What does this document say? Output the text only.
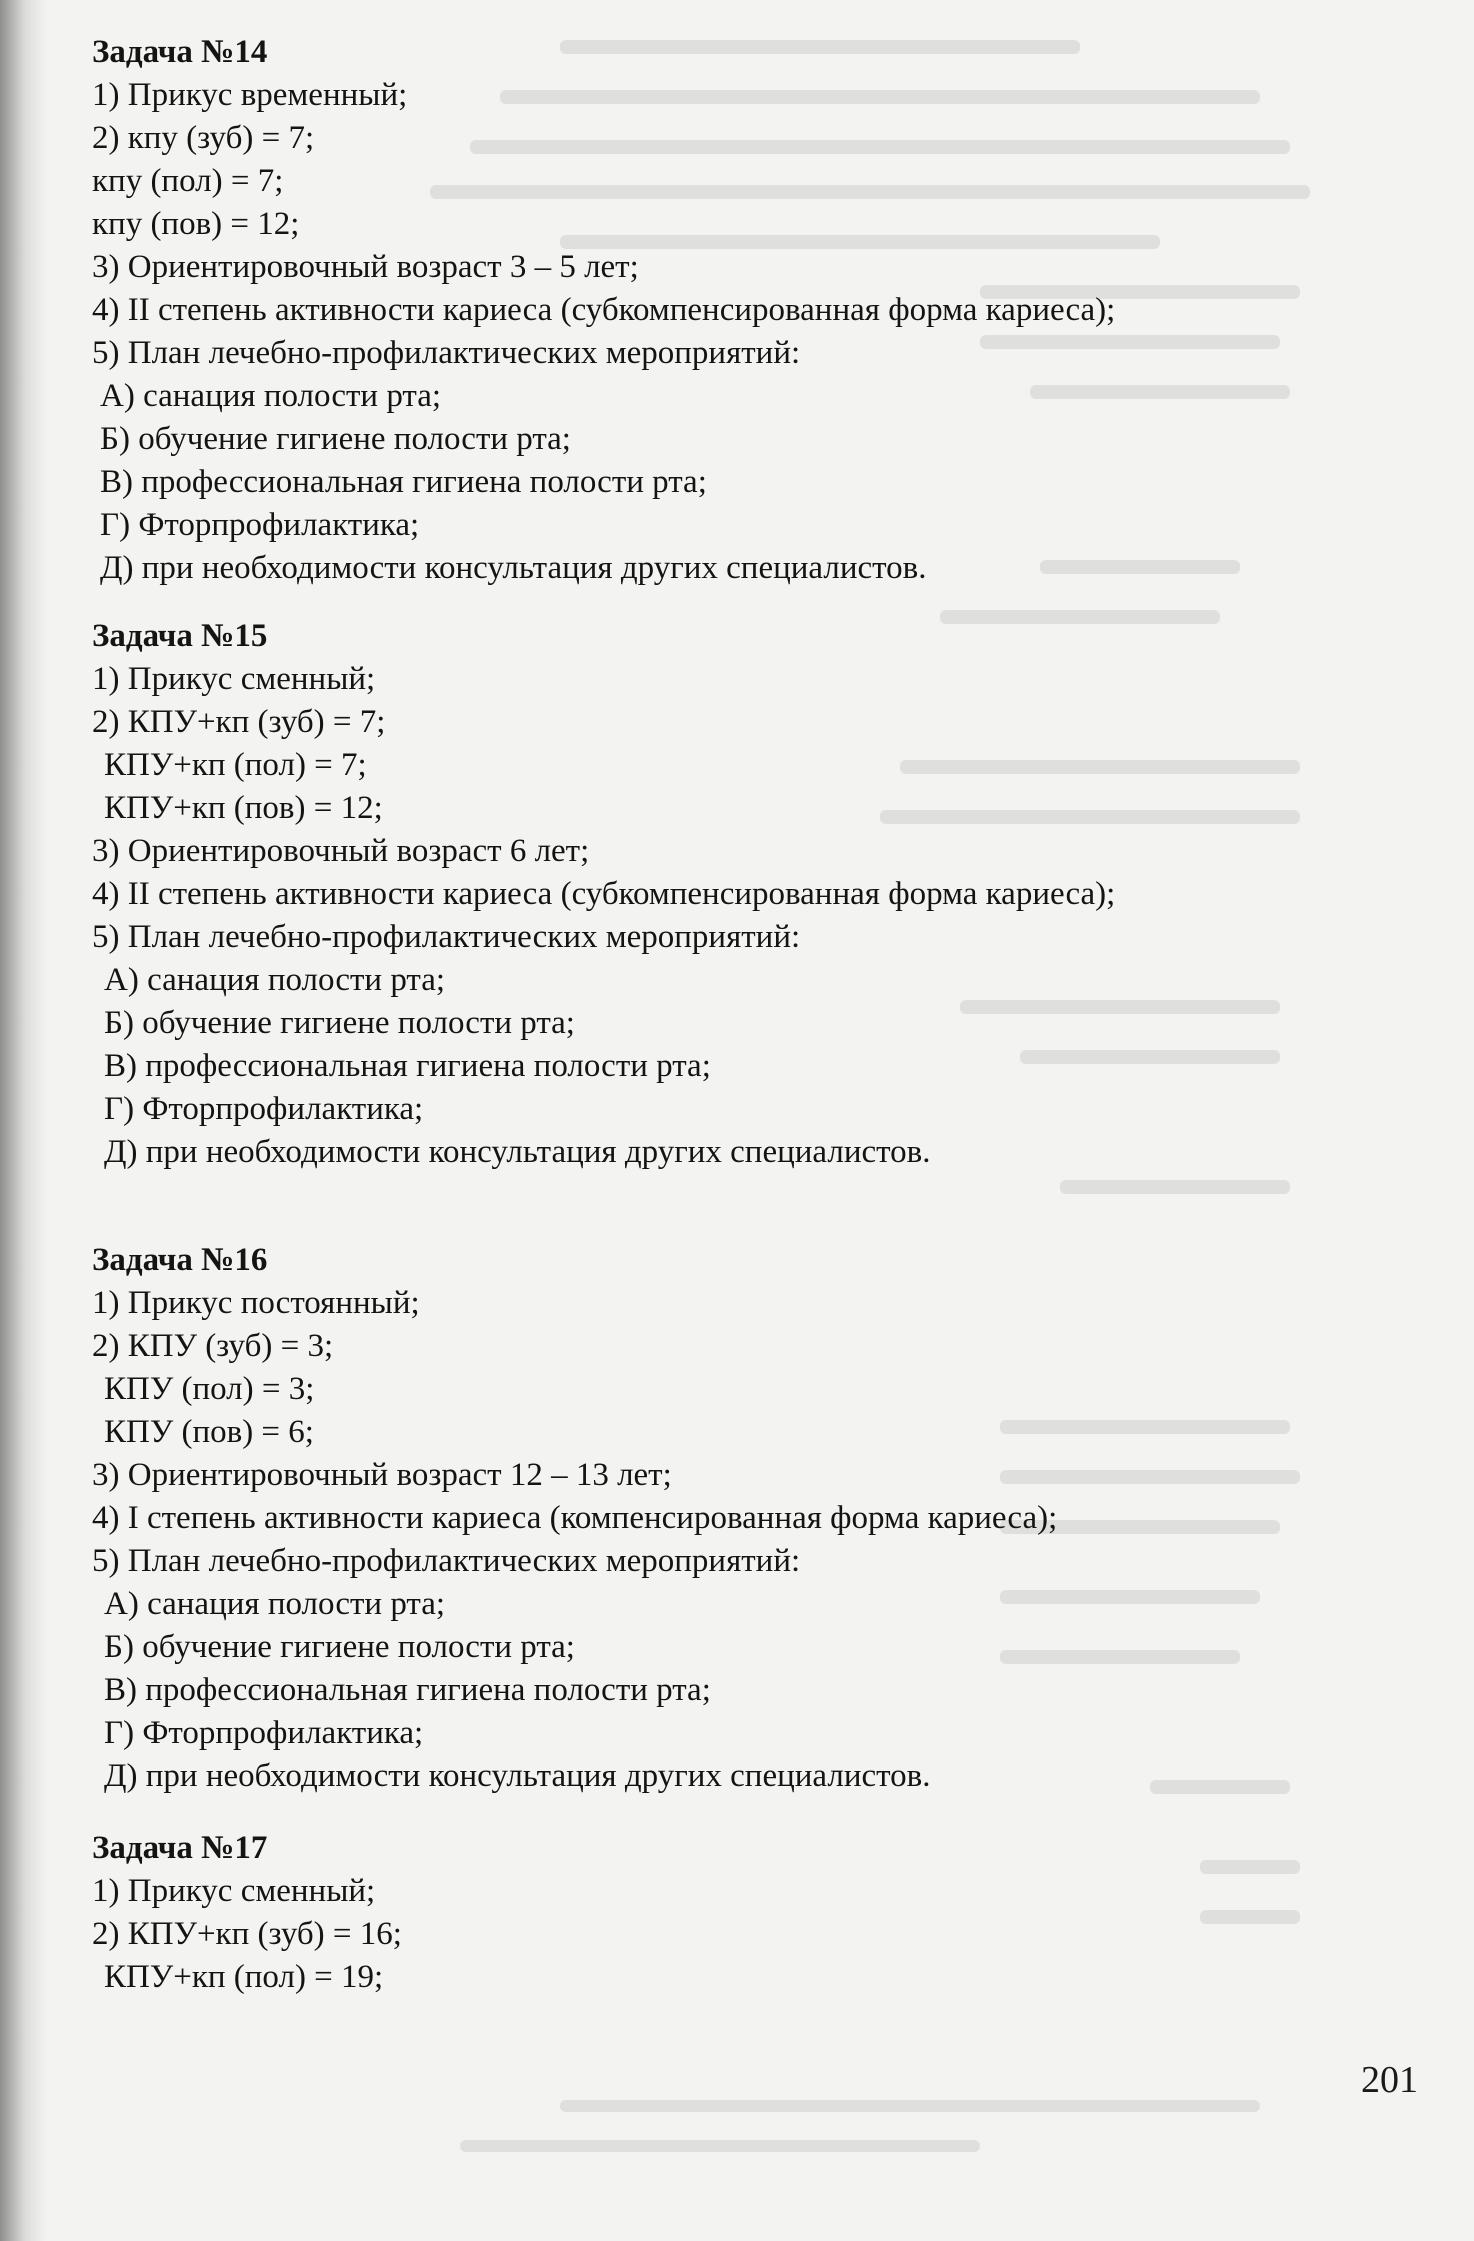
Задача №14
1) Прикус временный;
2) кпу (зуб) = 7;
кпу (пол) = 7;
кпу (пов) = 12;
3) Ориентировочный возраст 3 – 5 лет;
4) II степень активности кариеса (субкомпенсированная форма кариеса);
5) План лечебно-профилактических мероприятий:
А) санация полости рта;
Б) обучение гигиене полости рта;
В) профессиональная гигиена полости рта;
Г) Фторпрофилактика;
Д) при необходимости консультация других специалистов.
Задача №15
1) Прикус сменный;
2) КПУ+кп (зуб) = 7;
КПУ+кп (пол) = 7;
КПУ+кп (пов) = 12;
3) Ориентировочный возраст 6 лет;
4) II степень активности кариеса (субкомпенсированная форма кариеса);
5) План лечебно-профилактических мероприятий:
А) санация полости рта;
Б) обучение гигиене полости рта;
В) профессиональная гигиена полости рта;
Г) Фторпрофилактика;
Д) при необходимости консультация других специалистов.
Задача №16
1) Прикус постоянный;
2) КПУ (зуб) = 3;
КПУ (пол) = 3;
КПУ (пов) = 6;
3) Ориентировочный возраст 12 – 13 лет;
4) I степень активности кариеса (компенсированная форма кариеса);
5) План лечебно-профилактических мероприятий:
А) санация полости рта;
Б) обучение гигиене полости рта;
В) профессиональная гигиена полости рта;
Г) Фторпрофилактика;
Д) при необходимости консультация других специалистов.
Задача №17
1) Прикус сменный;
2) КПУ+кп (зуб) = 16;
КПУ+кп (пол) = 19;
201
